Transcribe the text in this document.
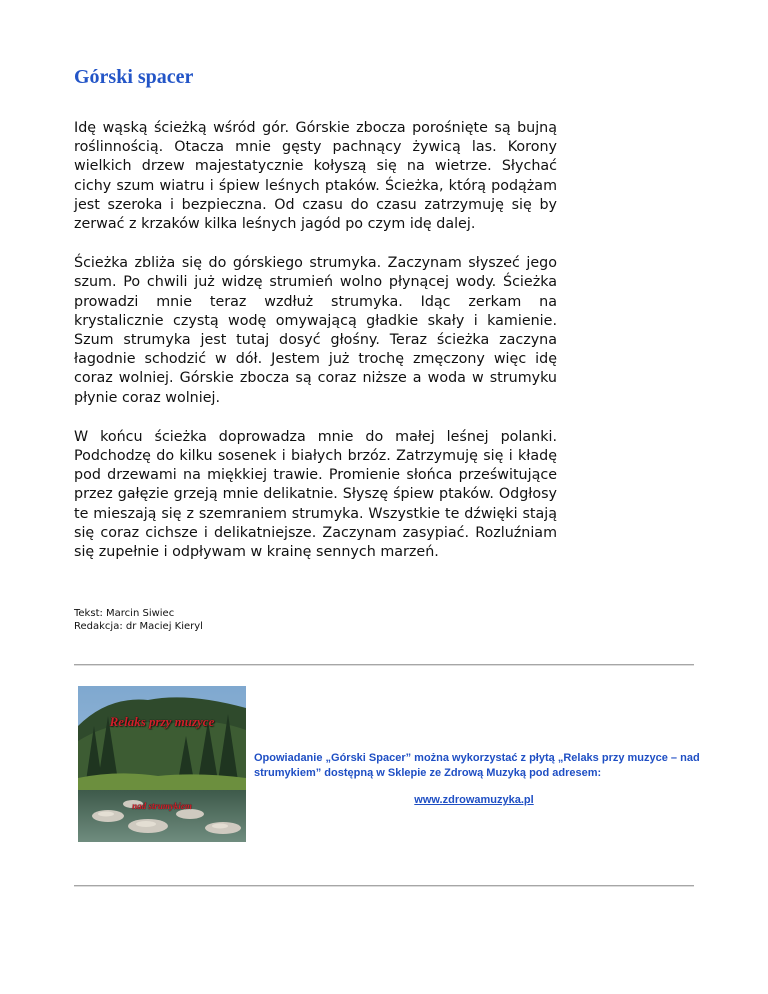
Górski spacer

Idę wąską ścieżką wśród gór. Górskie zbocza porośnięte są bujną roślinnością. Otacza mnie gęsty pachnący żywicą las. Korony wielkich drzew majestatycznie kołyszą się na wietrze. Słychać cichy szum wiatru i śpiew leśnych ptaków. Ścieżka, którą podążam jest szeroka i bezpieczna. Od czasu do czasu zatrzymuję się by zerwać z krzaków kilka leśnych jagód po czym idę dalej.

Ścieżka zbliża się do górskiego strumyka. Zaczynam słyszeć jego szum. Po chwili już widzę strumień wolno płynącej wody. Ścieżka prowadzi mnie teraz wzdłuż strumyka. Idąc zerkam na krystalicznie czystą wodę omywającą gładkie skały i kamienie. Szum strumyka jest tutaj dosyć głośny. Teraz ścieżka zaczyna łagodnie schodzić w dół. Jestem już trochę zmęczony więc idę coraz wolniej. Górskie zbocza są coraz niższe a woda w strumyku płynie coraz wolniej.

W końcu ścieżka doprowadza mnie do małej leśnej polanki. Podchodzę do kilku sosenek i białych brzóz. Zatrzymuję się i kładę pod drzewami na miękkiej trawie. Promienie słońca prześwitujące przez gałęzie grzeją mnie delikatnie. Słyszę śpiew ptaków. Odgłosy te mieszają się z szemraniem strumyka. Wszystkie te dźwięki stają się coraz cichsze i delikatniejsze. Zaczynam zasypiać. Rozluźniam się zupełnie i odpływam w krainę sennych marzeń.

Tekst: Marcin Siwiec
Redakcja: dr Maciej Kieryl
Relaks przy muzyce
nad strumykiem
Opowiadanie „Górski Spacer” można wykorzystać z płytą „Relaks przy muzyce – nad strumykiem” dostępną w Sklepie ze Zdrową Muzyką pod adresem:
www.zdrowamuzyka.pl
